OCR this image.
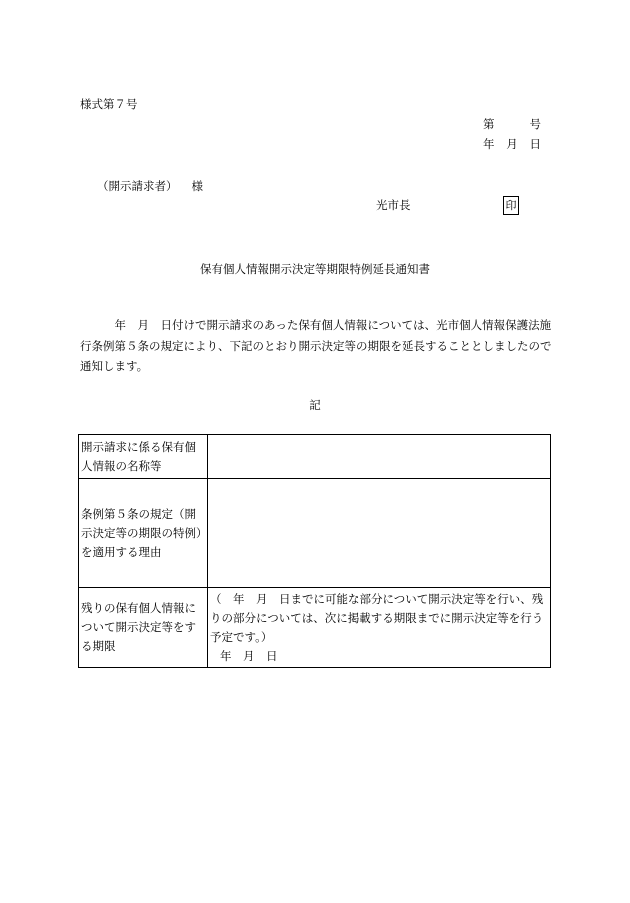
様式第７号
第	号
年 月 日
（開示請求者） 様
光市長	印
保有個人情報開示決定等期限特例延長通知書

　　　年　月　日付けで開示請求のあった保有個人情報については、光市個人情報保護法施行条例第５条の規定により、下記のとおり開示決定等の期限を延長することとしましたので通知します。

記
開示請求に係る保有個人情報の名称等	
条例第５条の規定（開示決定等の期限の特例）を適用する理由	
残りの保有個人情報について開示決定等をする期限	（　年　月　日までに可能な部分について開示決定等を行い、残りの部分については、次に掲載する期限までに開示決定等を行う予定です。）
年　月　日
